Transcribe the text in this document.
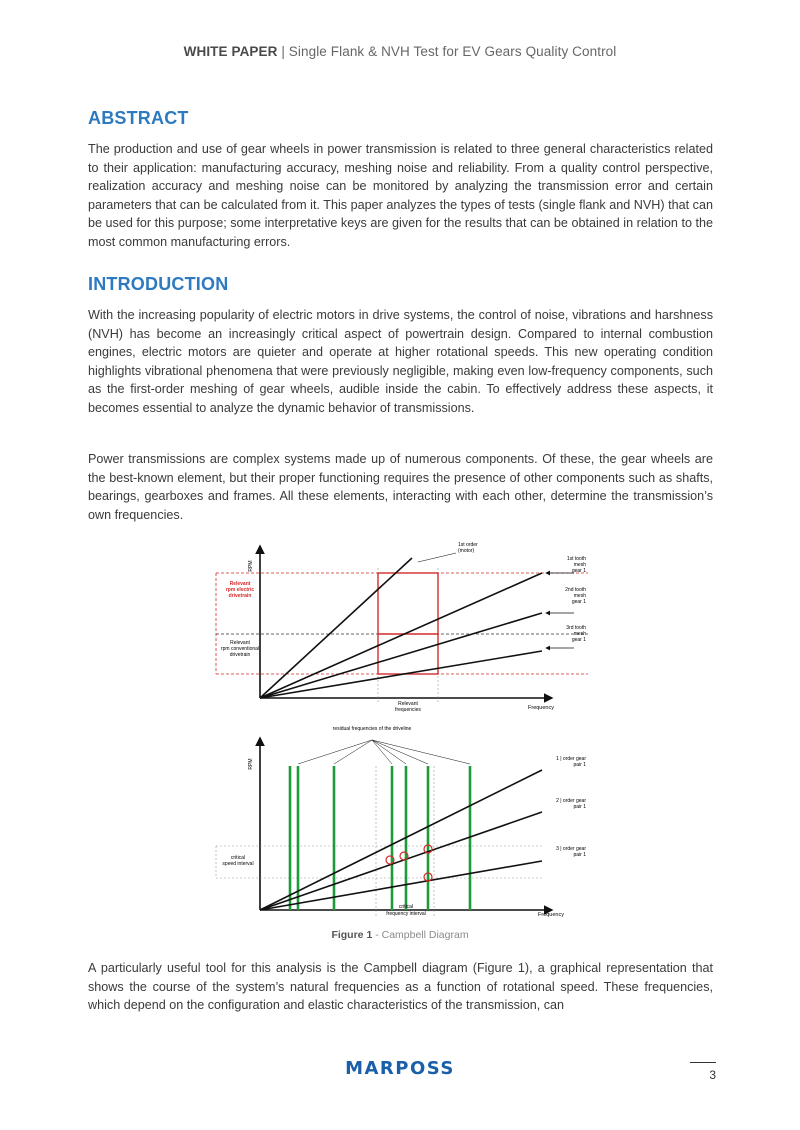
WHITE PAPER | Single Flank & NVH Test for EV Gears Quality Control
ABSTRACT
The production and use of gear wheels in power transmission is related to three general characteristics related to their application: manufacturing accuracy, meshing noise and reliability. From a quality control perspective, realization accuracy and meshing noise can be monitored by analyzing the transmission error and certain parameters that can be calculated from it. This paper analyzes the types of tests (single flank and NVH) that can be used for this purpose; some interpretative keys are given for the results that can be obtained in relation to the most common manufacturing errors.
INTRODUCTION
With the increasing popularity of electric motors in drive systems, the control of noise, vibrations and harshness (NVH) has become an increasingly critical aspect of powertrain design. Compared to internal combustion engines, electric motors are quieter and operate at higher rotational speeds. This new operating condition highlights vibrational phenomena that were previously negligible, making even low-frequency components, such as the first-order meshing of gear wheels, audible inside the cabin. To effectively address these aspects, it becomes essential to analyze the dynamic behavior of transmissions.
Power transmissions are complex systems made up of numerous components. Of these, the gear wheels are the best-known element, but their proper functioning requires the presence of other components such as shafts, bearings, gearboxes and frames. All these elements, interacting with each other, determine the transmission’s own frequencies.
RPM
Frequency
1st order
(motor)
1st tooth
mesh
gear 1
2nd tooth
mesh
gear 1
3rd tooth
mesh
gear 1
Relevant
rpm electric
drivetrain
Relevant
rpm conventional
drivetrain
Relevant
frequencies
residual frequencies of the driveline
RPM
Frequency
1 | order gear
pair 1
2 | order gear
pair 1
3 | order gear
pair 1
critical
speed interval
critical
frequency interval
Figure 1 - Campbell Diagram
A particularly useful tool for this analysis is the Campbell diagram (Figure 1), a graphical representation that shows the course of the system’s natural frequencies as a function of rotational speed. These frequencies, which depend on the configuration and elastic characteristics of the transmission, can
MARPOSS	3
